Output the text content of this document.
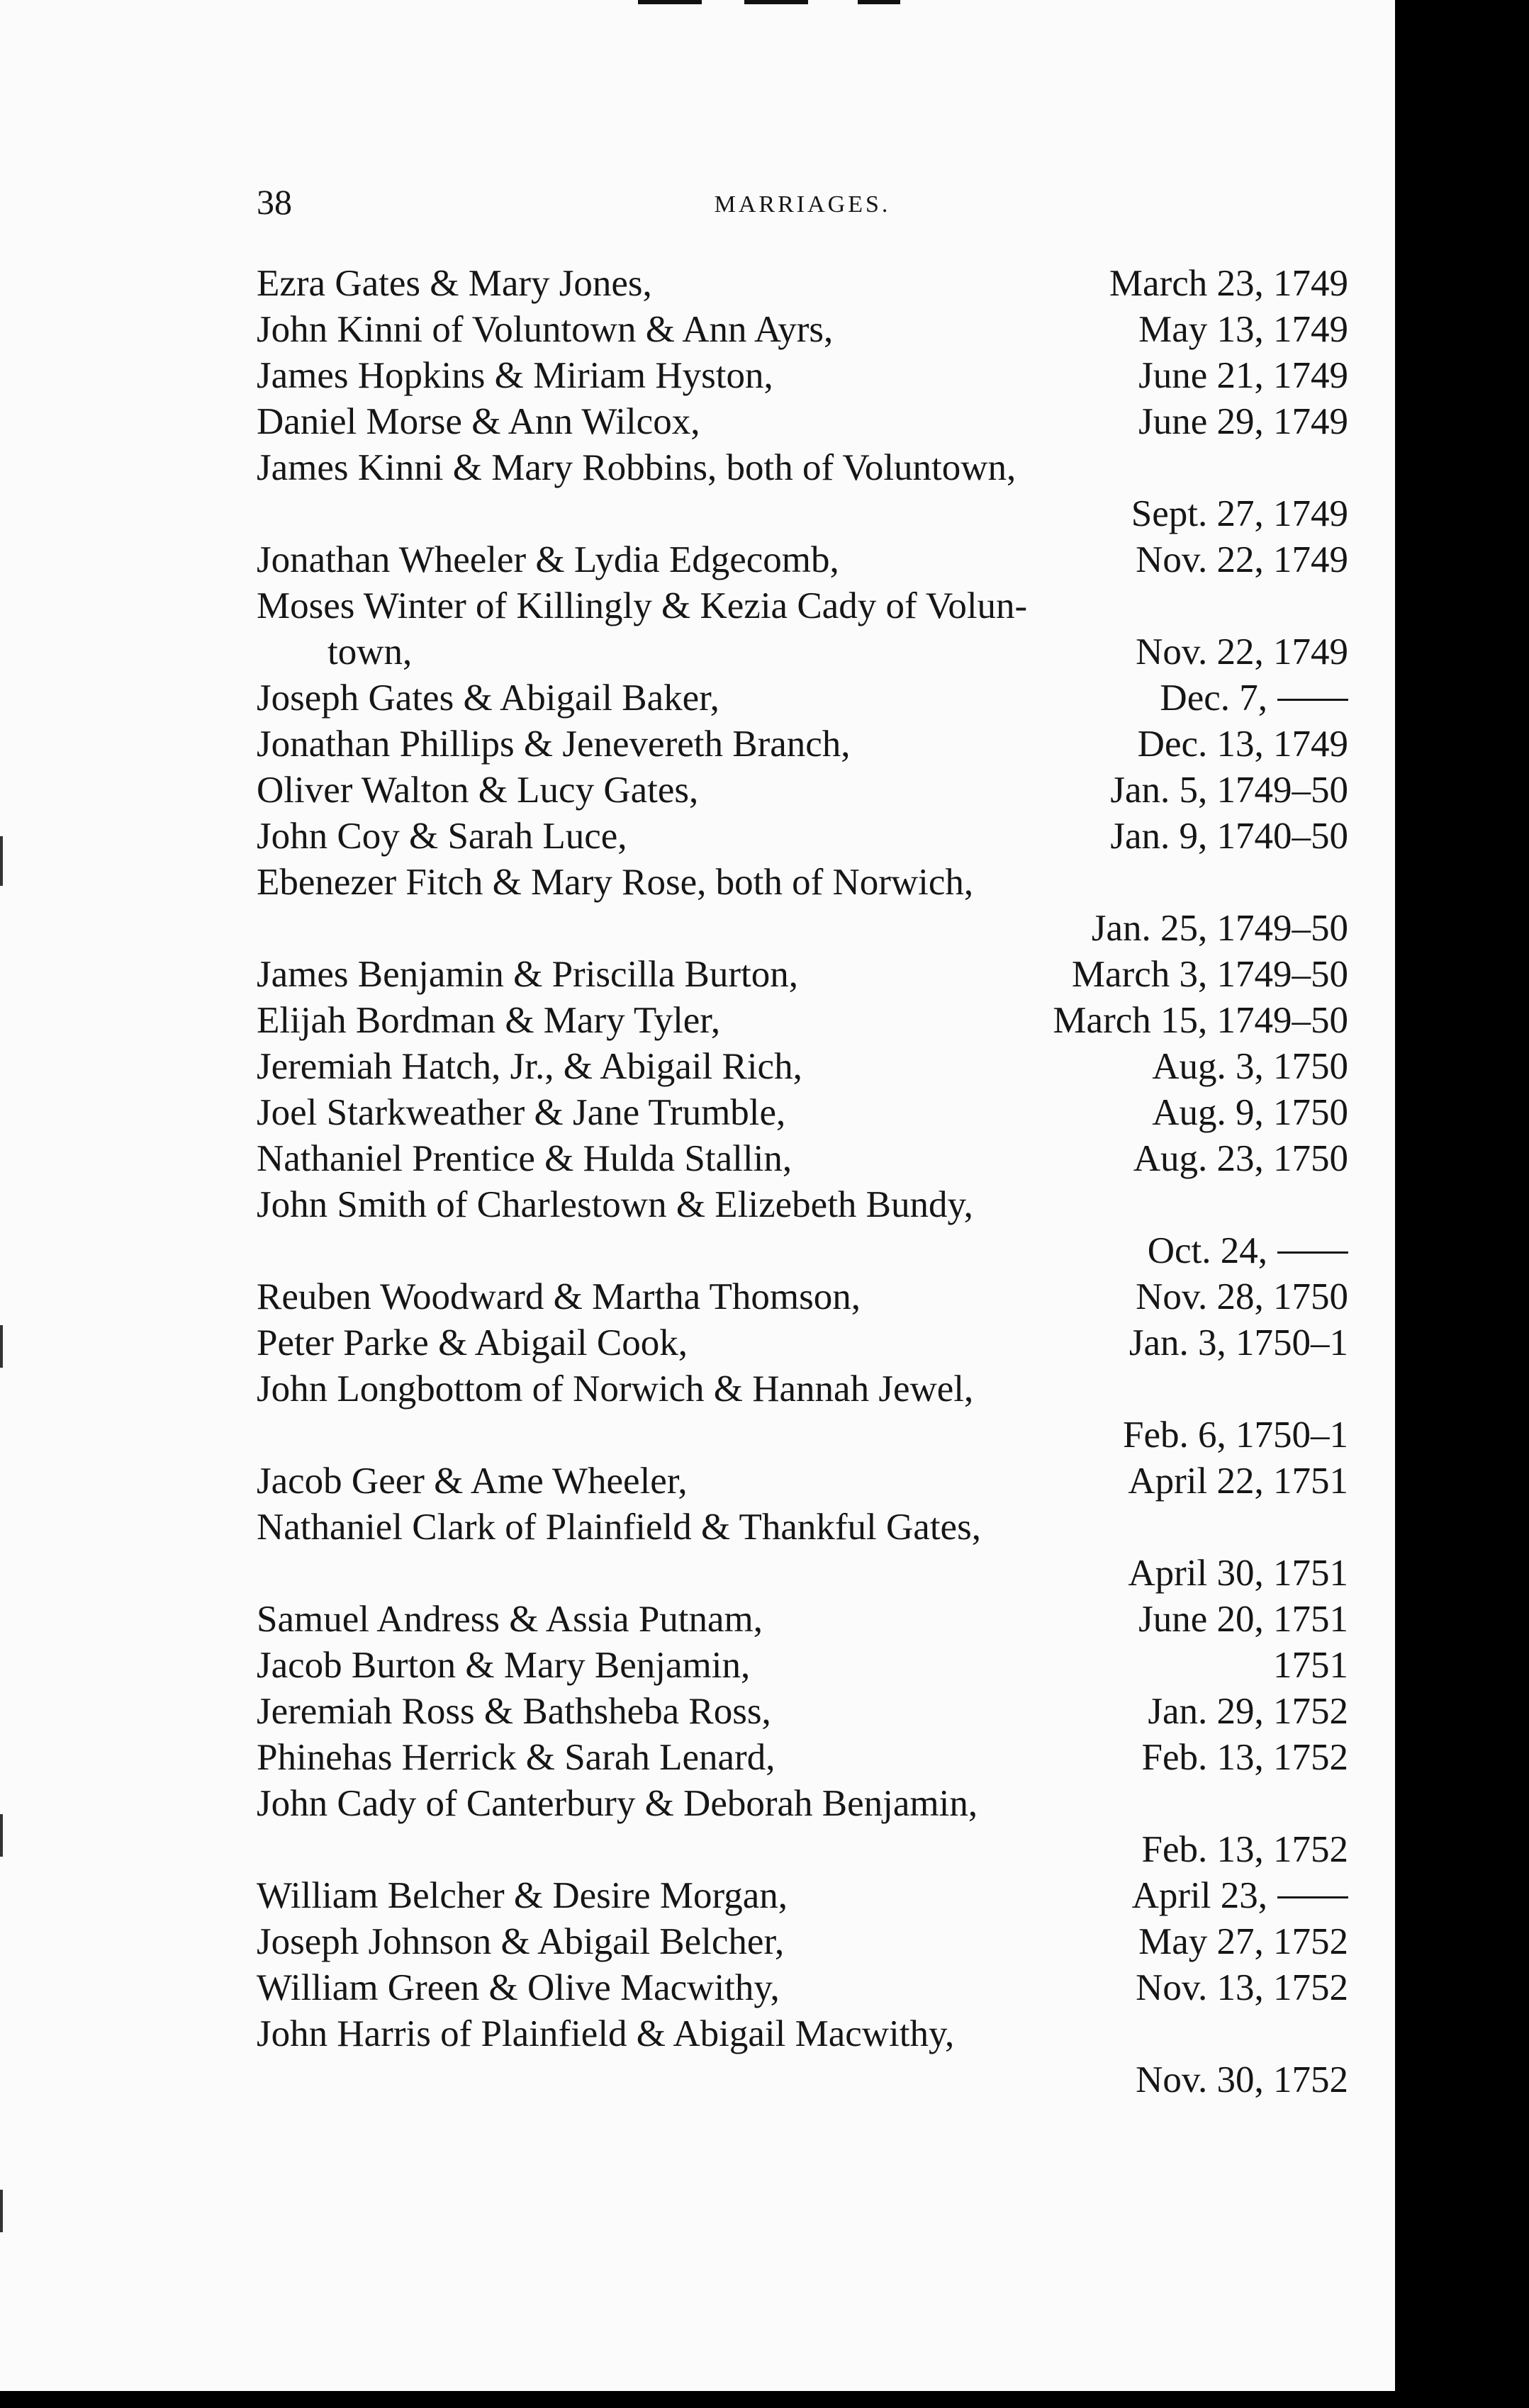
38	MARRIAGES.
Ezra Gates & Mary Jones,	March 23, 1749
John Kinni of Voluntown & Ann Ayrs,	May 13, 1749
James Hopkins & Miriam Hyston,	June 21, 1749
Daniel Morse & Ann Wilcox,	June 29, 1749
James Kinni & Mary Robbins, both of Voluntown,
Sept. 27, 1749
Jonathan Wheeler & Lydia Edgecomb,	Nov. 22, 1749
Moses Winter of Killingly & Kezia Cady of Volun-
town,	Nov. 22, 1749
Joseph Gates & Abigail Baker,	Dec. 7,
Jonathan Phillips & Jenevereth Branch,	Dec. 13, 1749
Oliver Walton & Lucy Gates,	Jan. 5, 1749–50
John Coy & Sarah Luce,	Jan. 9, 1740–50
Ebenezer Fitch & Mary Rose, both of Norwich,
Jan. 25, 1749–50
James Benjamin & Priscilla Burton,	March 3, 1749–50
Elijah Bordman & Mary Tyler,	March 15, 1749–50
Jeremiah Hatch, Jr., & Abigail Rich,	Aug. 3, 1750
Joel Starkweather & Jane Trumble,	Aug. 9, 1750
Nathaniel Prentice & Hulda Stallin,	Aug. 23, 1750
John Smith of Charlestown & Elizebeth Bundy,
Oct. 24,
Reuben Woodward & Martha Thomson,	Nov. 28, 1750
Peter Parke & Abigail Cook,	Jan. 3, 1750–1
John Longbottom of Norwich & Hannah Jewel,
Feb. 6, 1750–1
Jacob Geer & Ame Wheeler,	April 22, 1751
Nathaniel Clark of Plainfield & Thankful Gates,
April 30, 1751
Samuel Andress & Assia Putnam,	June 20, 1751
Jacob Burton & Mary Benjamin,	1751
Jeremiah Ross & Bathsheba Ross,	Jan. 29, 1752
Phinehas Herrick & Sarah Lenard,	Feb. 13, 1752
John Cady of Canterbury & Deborah Benjamin,
Feb. 13, 1752
William Belcher & Desire Morgan,	April 23,
Joseph Johnson & Abigail Belcher,	May 27, 1752
William Green & Olive Macwithy,	Nov. 13, 1752
John Harris of Plainfield & Abigail Macwithy,
Nov. 30, 1752
